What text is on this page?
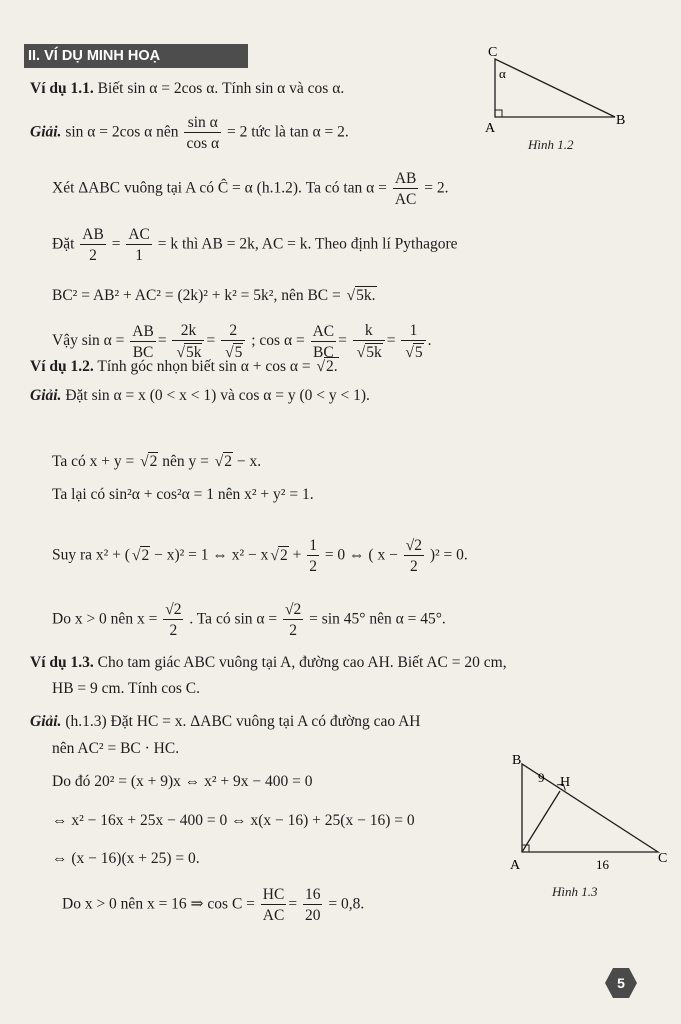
II. VÍ DỤ MINH HOẠ
Ví dụ 1.1. Biết sin α = 2cos α. Tính sin α và cos α.
Giải. sin α = 2cos α nên $\frac{\text{sin α}}{\text{cos α}} = 2$ tức là tan α = 2.
Xét ΔABC vuông tại A có Ĉ = α (h.1.2). Ta có $\tan \alpha = \frac{AB}{AC} = 2$.
Đặt $\frac{AB}{2} = \frac{AC}{1} = k$ thì AB = 2k, AC = k. Theo định lí Pythagore
BC² = AB² + AC² = (2k)² + k² = 5k², nên BC = √ 5k.
Vậy $\sin \alpha = \frac{AB}{BC} = 2k$
√ 5k = 2
√ 5 ; $\cos \alpha = \frac{AC}{BC} = k$
√ 5k = 1
√ 5 .
C
A
B
α
Hình 1.2
Ví dụ 1.2. Tính góc nhọn biết sin α + cos α = √ 2.
Giải. Đặt sin α = x (0 < x < 1) và cos α = y (0 < y < 1).
Ta có x + y = √ 2 nên y = √ 2 − x.
Ta lại có sin²α + cos²α = 1 nên x² + y² = 1.
Suy ra x² + ( √ 2 − x)² = 1 ⇔ x² − x √ $2 + \frac{1}{2} = 0$ ⇔ ( $x - \frac{√2}{2} )^2 = 0$.
Do x > 0 nên $x = \frac{√2}{2}$ . Ta có $\sin \alpha = \frac{√2}{2} = \sin 45^\circ$ nên α = 45°.
Ví dụ 1.3. Cho tam giác ABC vuông tại A, đường cao AH. Biết AC = 20 cm,
HB = 9 cm. Tính cos C.
Giải. (h.1.3) Đặt HC = x. ΔABC vuông tại A có đường cao AH
nên AC² = BC · HC.
Do đó 20² = (x + 9)x ⇔ x² + 9x − 400 = 0
⇔ x² − 16x + 25x − 400 = 0 ⇔ x(x − 16) + 25(x − 16) = 0
⇔ (x − 16)(x + 25) = 0.
Do x > 0 nên x = 16 ⇒ $\cos C = \frac{HC}{AC} = \frac{16}{20} = 0,8$.
B
H
A	C
9
16
Hình 1.3
5
